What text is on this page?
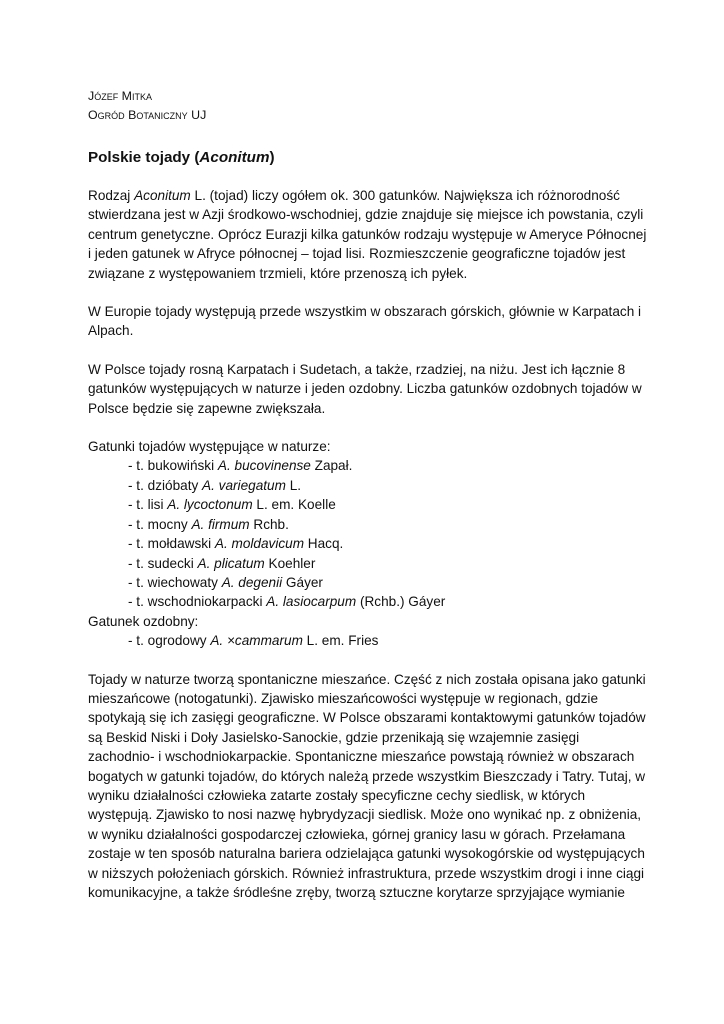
Józef Mitka
Ogród Botaniczny UJ
Polskie tojady (Aconitum)

Rodzaj Aconitum L. (tojad) liczy ogółem ok. 300 gatunków. Największa ich różnorodność stwierdzana jest w Azji środkowo-wschodniej, gdzie znajduje się miejsce ich powstania, czyli centrum genetyczne. Oprócz Eurazji kilka gatunków rodzaju występuje w Ameryce Północnej i jeden gatunek w Afryce północnej – tojad lisi. Rozmieszczenie geograficzne tojadów jest związane z występowaniem trzmieli, które przenoszą ich pyłek.

W Europie tojady występują przede wszystkim w obszarach górskich, głównie w Karpatach i Alpach.

W Polsce tojady rosną Karpatach i Sudetach, a także, rzadziej, na niżu. Jest ich łącznie 8 gatunków występujących w naturze i jeden ozdobny. Liczba gatunków ozdobnych tojadów w Polsce będzie się zapewne zwiększała.

Gatunki tojadów występujące w naturze:
- t. bukowiński A. bucovinense Zapał.
- t. dzióbaty A. variegatum L.
- t. lisi A. lycoctonum L. em. Koelle
- t. mocny A. firmum Rchb.
- t. mołdawski A. moldavicum Hacq.
- t. sudecki A. plicatum Koehler
- t. wiechowaty A. degenii Gáyer
- t. wschodniokarpacki A. lasiocarpum (Rchb.) Gáyer
Gatunek ozdobny:
- t. ogrodowy A. ×cammarum L. em. Fries

Tojady w naturze tworzą spontaniczne mieszańce. Część z nich została opisana jako gatunki mieszańcowe (notogatunki). Zjawisko mieszańcowości występuje w regionach, gdzie spotykają się ich zasięgi geograficzne. W Polsce obszarami kontaktowymi gatunków tojadów są Beskid Niski i Doły Jasielsko-Sanockie, gdzie przenikają się wzajemnie zasięgi zachodnio- i wschodniokarpackie. Spontaniczne mieszańce powstają również w obszarach bogatych w gatunki tojadów, do których należą przede wszystkim Bieszczady i Tatry. Tutaj, w wyniku działalności człowieka zatarte zostały specyficzne cechy siedlisk, w których występują. Zjawisko to nosi nazwę hybrydyzacji siedlisk. Może ono wynikać np. z obniżenia, w wyniku działalności gospodarczej człowieka, górnej granicy lasu w górach. Przełamana zostaje w ten sposób naturalna bariera odzielająca gatunki wysokogórskie od występujących w niższych położeniach górskich. Również infrastruktura, przede wszystkim drogi i inne ciągi komunikacyjne, a także śródleśne zręby, tworzą sztuczne korytarze sprzyjające wymianie
